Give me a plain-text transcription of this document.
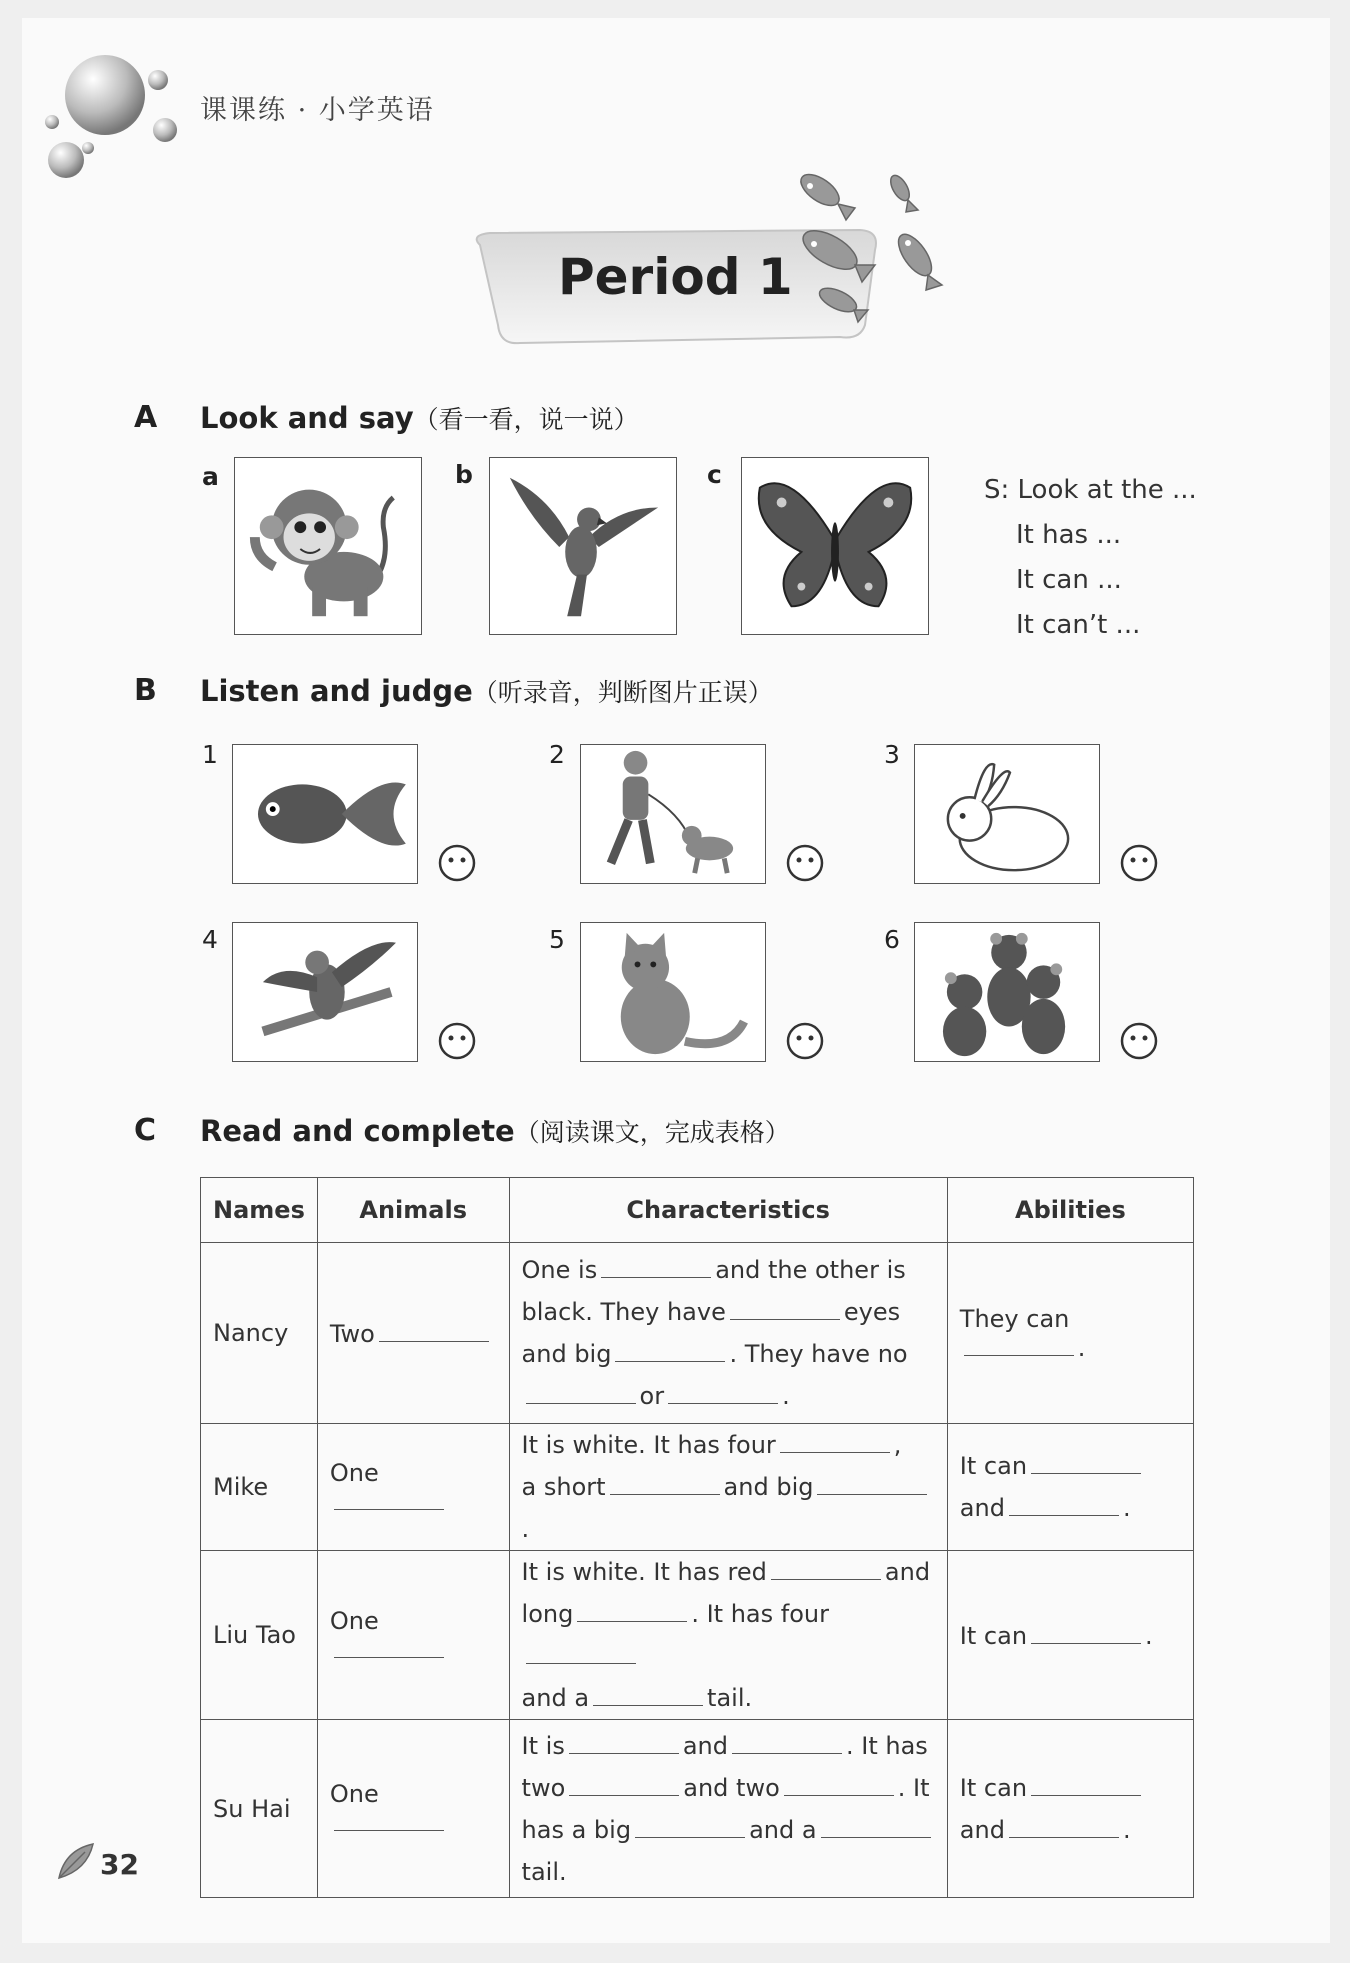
课课练 · 小学英语
Period 1
A Look and say（看一看，说一说）
a	b	c
S: Look at the ...
It has ...
It can ...
It can’t ...
B Listen and judge（听录音，判断图片正误）
1	2	3
4	5	6
C Read and complete（阅读课文，完成表格）
Names	Animals	Characteristics	Abilities
Nancy	Two	One is and the other is
black. They have eyes
and big . They have no
or .	They can.
Mike	One	It is white. It has four ,
a short and big.	It can
and .
Liu Tao	One	It is white. It has red and
long . It has four
and a tail.	It can .
Su Hai	One	It is and . It has
two and two . It
has a big and a
tail.	It can
and .
32
